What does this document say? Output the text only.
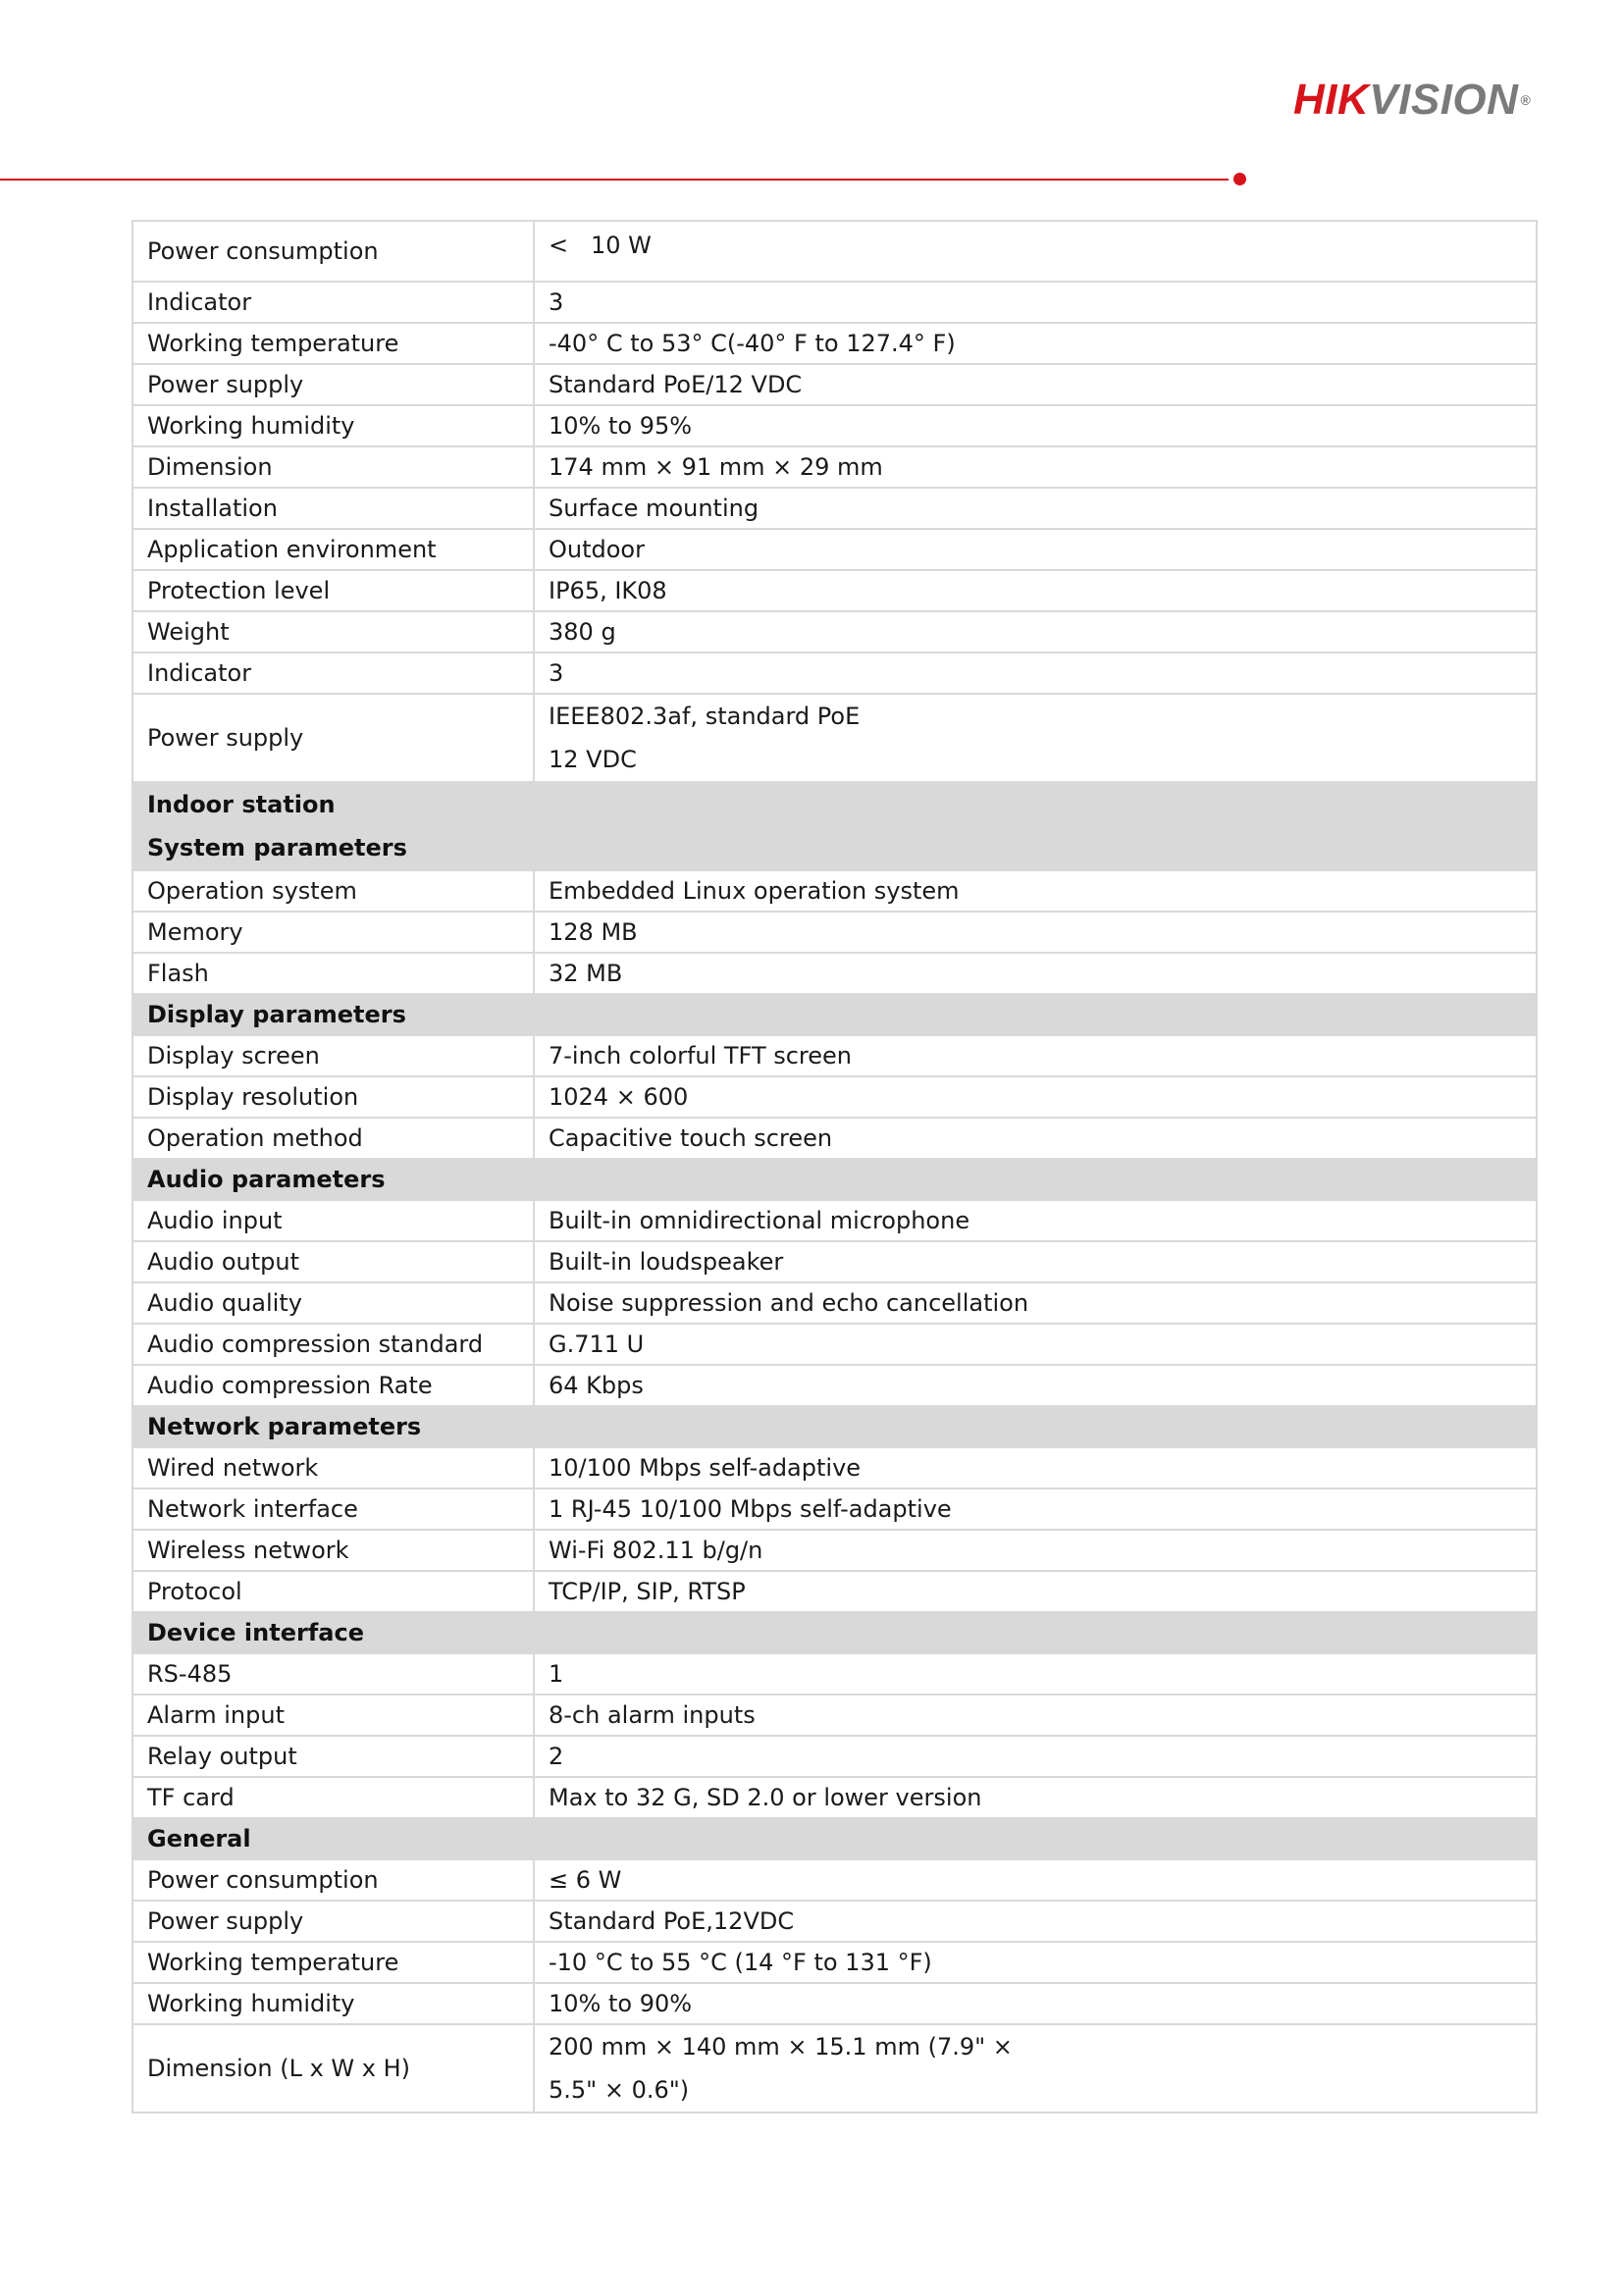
HIKVISION ®
Power consumption	<   10 W
Indicator	3
Working temperature	-40° C to 53° C(-40° F to 127.4° F)
Power supply	Standard PoE/12 VDC
Working humidity	10% to 95%
Dimension	174 mm × 91 mm × 29 mm
Installation	Surface mounting
Application environment	Outdoor
Protection level	IP65, IK08
Weight	380 g
Indicator	3
Power supply	IEEE802.3af, standard PoE
12 VDC

Indoor station
System parameters	

Operation system	Embedded Linux operation system
Memory	128 MB
Flash	32 MB
Display parameters	
Display screen	7-inch colorful TFT screen
Display resolution	1024 × 600
Operation method	Capacitive touch screen
Audio parameters	
Audio input	Built-in omnidirectional microphone
Audio output	Built-in loudspeaker
Audio quality	Noise suppression and echo cancellation
Audio compression standard	G.711 U
Audio compression Rate	64 Kbps
Network parameters	
Wired network	10/100 Mbps self-adaptive
Network interface	1 RJ-45 10/100 Mbps self-adaptive
Wireless network	Wi-Fi 802.11 b/g/n
Protocol	TCP/IP, SIP, RTSP
Device interface	
RS-485	1
Alarm input	8-ch alarm inputs
Relay output	2
TF card	Max to 32 G, SD 2.0 or lower version
General	
Power consumption	≤ 6 W
Power supply	Standard PoE,12VDC
Working temperature	-10 °C to 55 °C (14 °F to 131 °F)
Working humidity	10% to 90%
Dimension (L x W x H)	200 mm × 140 mm × 15.1 mm (7.9" ×
5.5" × 0.6")
